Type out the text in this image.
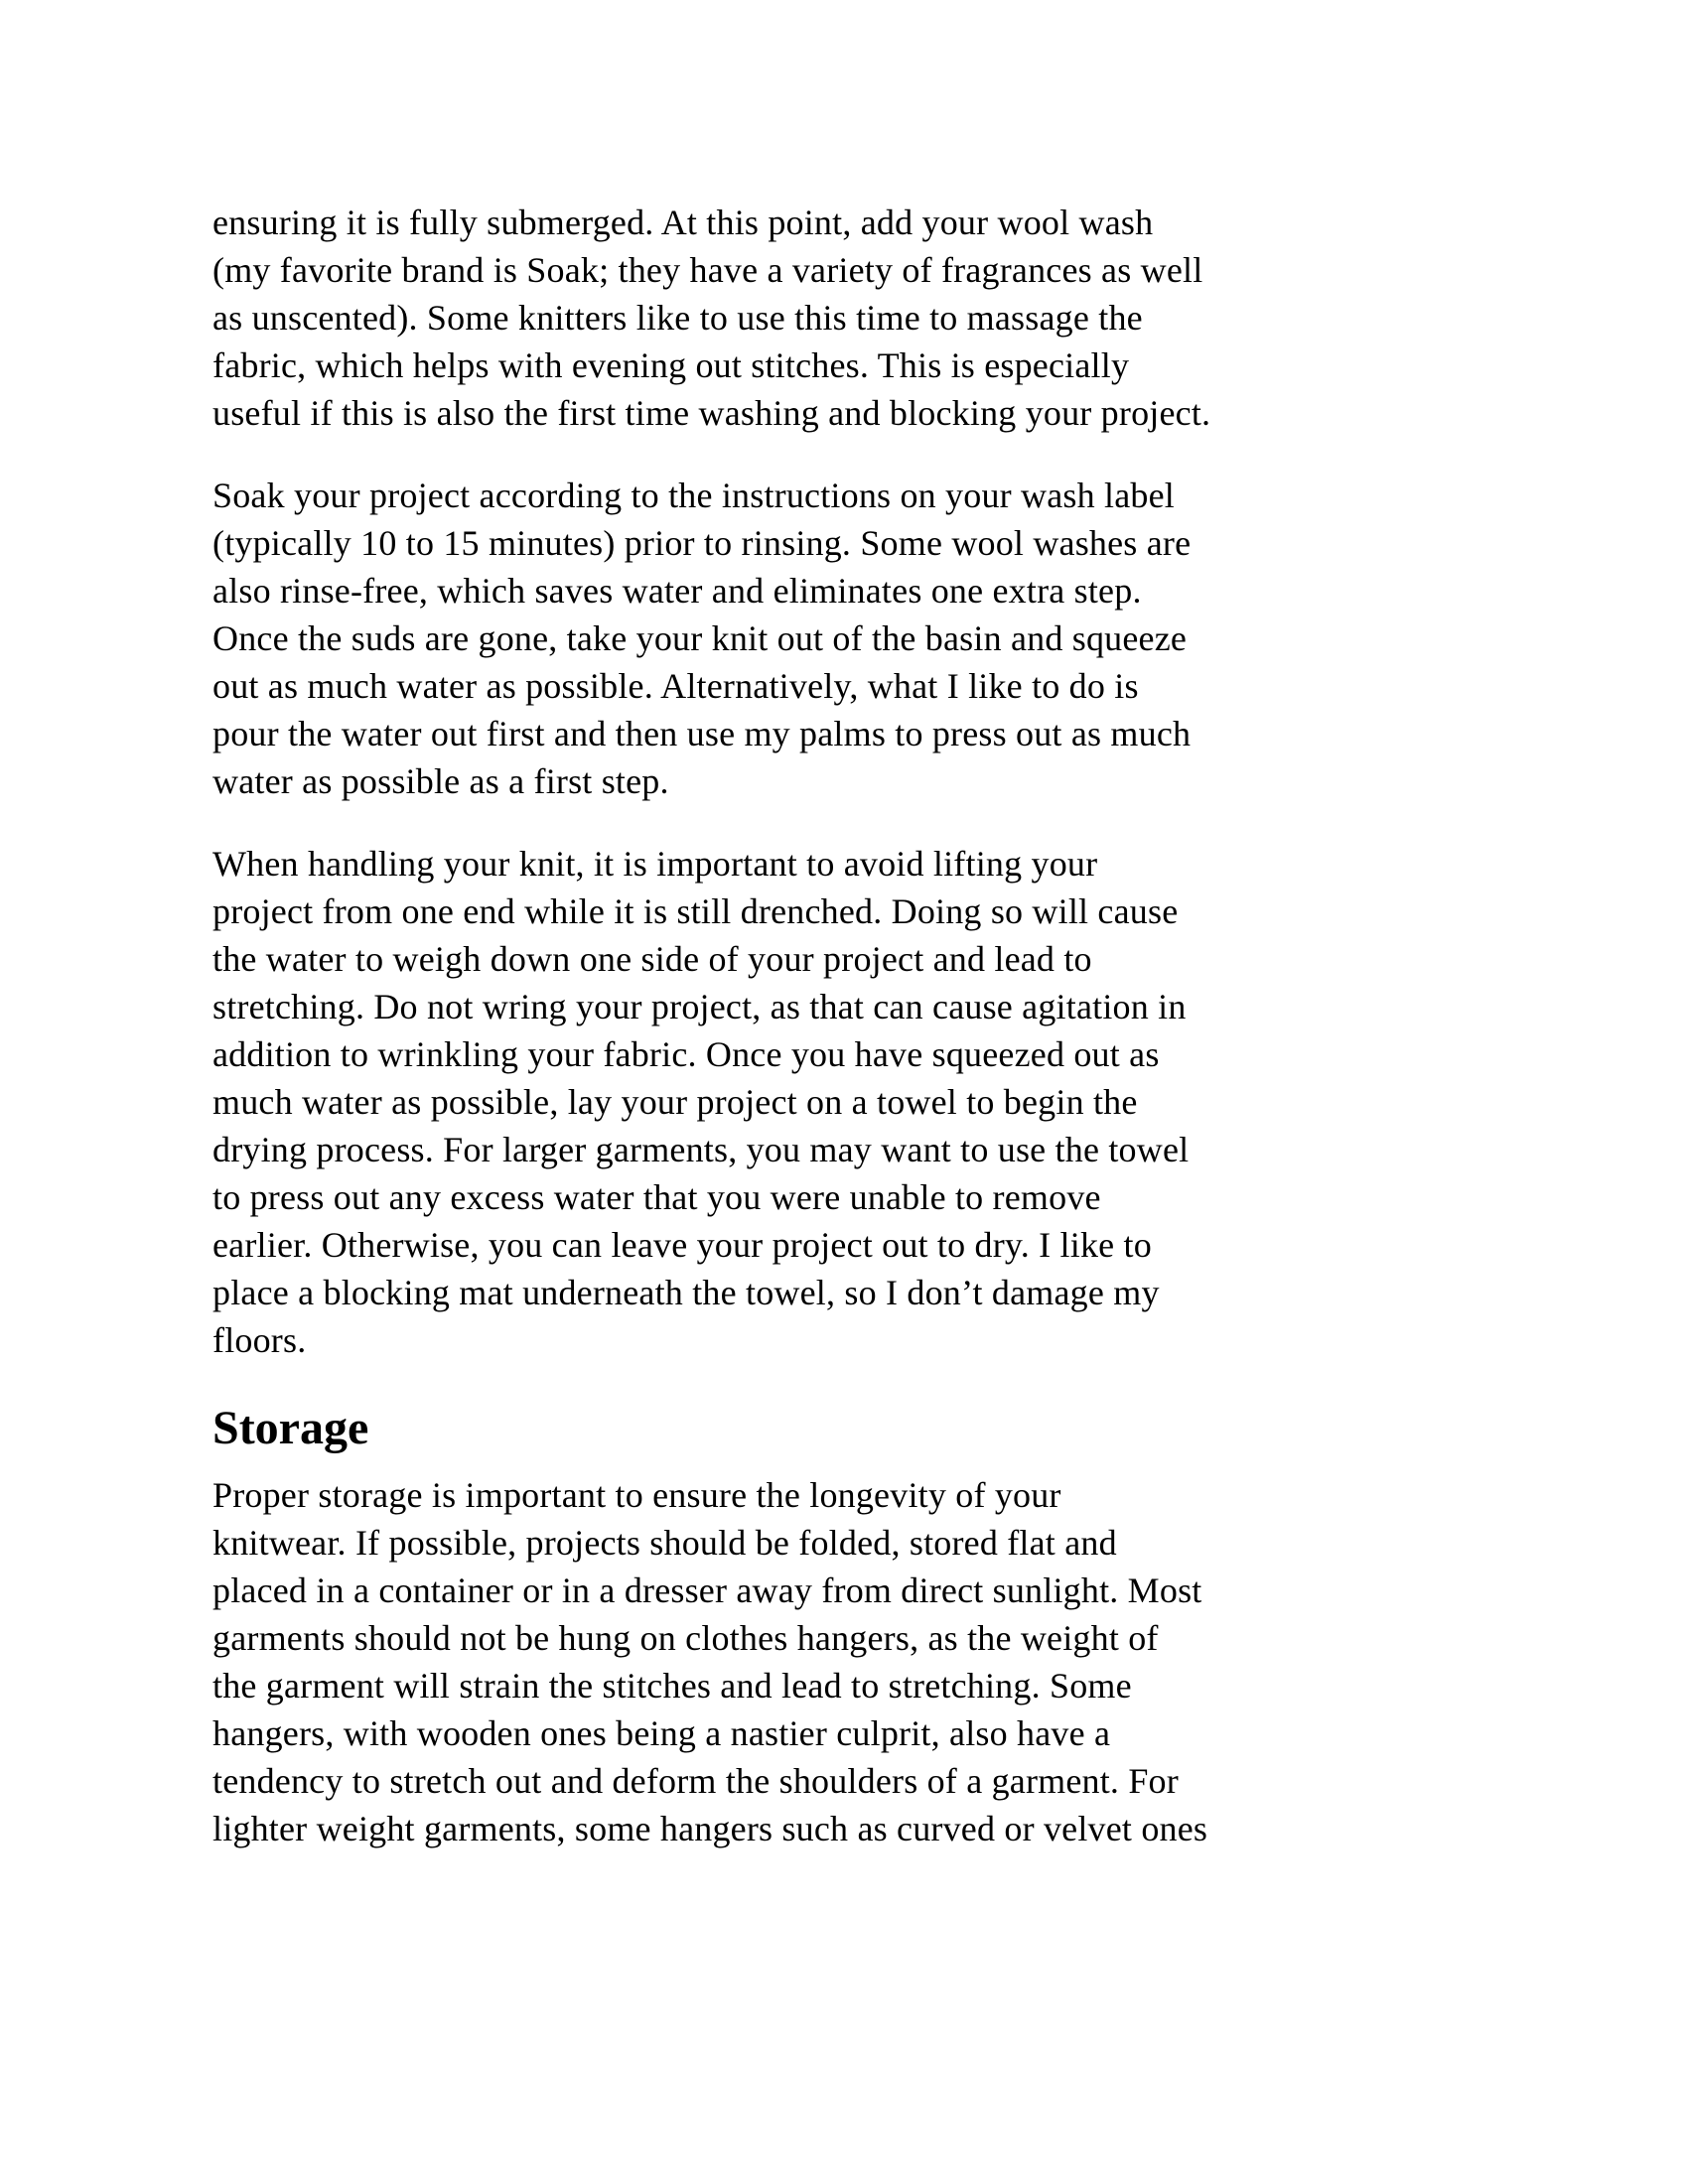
ensuring it is fully submerged. At this point, add your wool wash
(my favorite brand is Soak; they have a variety of fragrances as well
as unscented). Some knitters like to use this time to massage the
fabric, which helps with evening out stitches. This is especially
useful if this is also the first time washing and blocking your project.

Soak your project according to the instructions on your wash label
(typically 10 to 15 minutes) prior to rinsing. Some wool washes are
also rinse-free, which saves water and eliminates one extra step.
Once the suds are gone, take your knit out of the basin and squeeze
out as much water as possible. Alternatively, what I like to do is
pour the water out first and then use my palms to press out as much
water as possible as a first step.

When handling your knit, it is important to avoid lifting your
project from one end while it is still drenched. Doing so will cause
the water to weigh down one side of your project and lead to
stretching. Do not wring your project, as that can cause agitation in
addition to wrinkling your fabric. Once you have squeezed out as
much water as possible, lay your project on a towel to begin the
drying process. For larger garments, you may want to use the towel
to press out any excess water that you were unable to remove
earlier. Otherwise, you can leave your project out to dry. I like to
place a blocking mat underneath the towel, so I don’t damage my
floors.

Storage

Proper storage is important to ensure the longevity of your
knitwear. If possible, projects should be folded, stored flat and
placed in a container or in a dresser away from direct sunlight. Most
garments should not be hung on clothes hangers, as the weight of
the garment will strain the stitches and lead to stretching. Some
hangers, with wooden ones being a nastier culprit, also have a
tendency to stretch out and deform the shoulders of a garment. For
lighter weight garments, some hangers such as curved or velvet ones
